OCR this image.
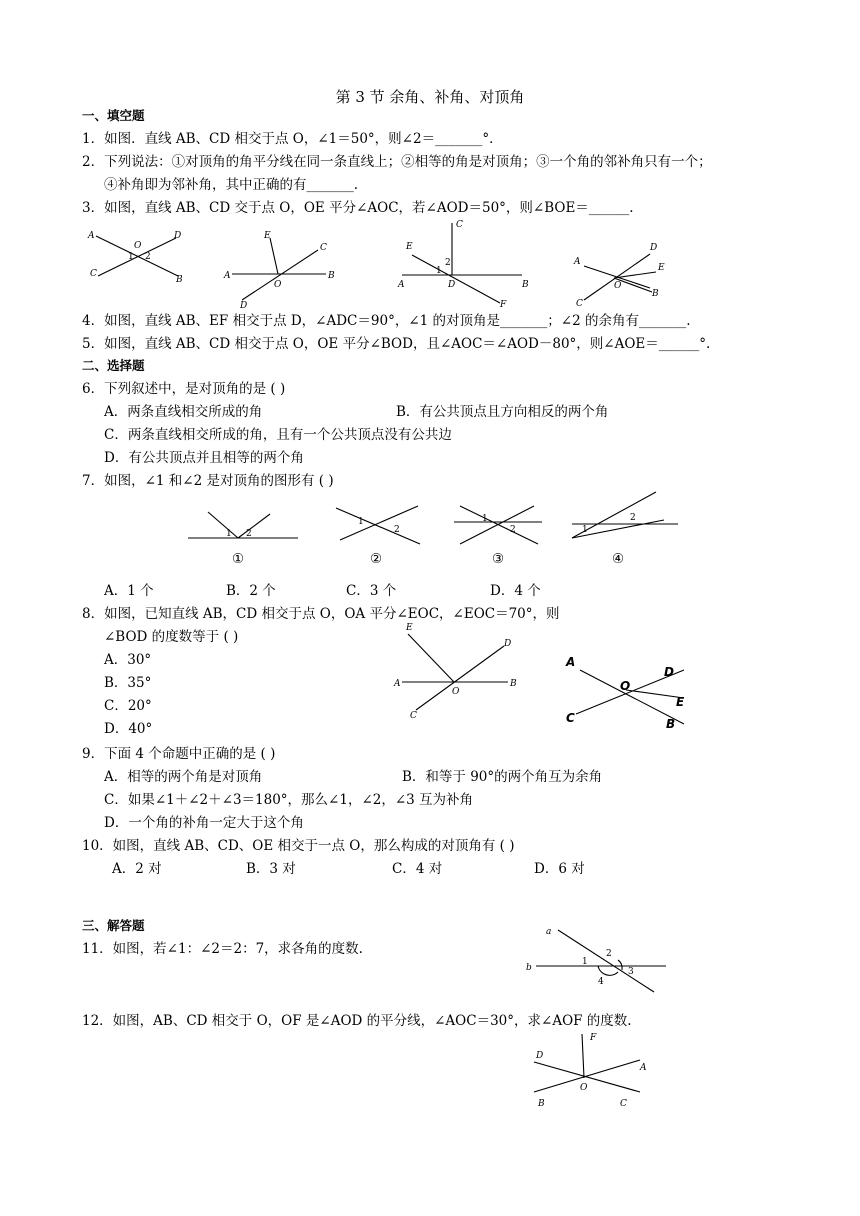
第 3 节 余角、补角、对顶角
一、填空题
1．如图．直线 AB、CD 相交于点 O，∠1＝50°，则∠2＝_______°．
2．下列说法：①对顶角的角平分线在同一条直线上；②相等的角是对顶角；③一个角的邻补角只有一个；
④补角即为邻补角，其中正确的有_______.
3．如图，直线 AB、CD 交于点 O，OE 平分∠AOC，若∠AOD＝50°，则∠BOE＝______.
A	D
C
B
O
1 2
A	B
C
D
E
O
C
E
A	B
D
F
1
2	A
D
E
B
C
O
4．如图，直线 AB、EF 相交于点 D，∠ADC＝90°，∠1 的对顶角是_______；∠2 的余角有_______.
5．如图，直线 AB、CD 相交于点 O，OE 平分∠BOD，且∠AOC＝∠AOD－80°，则∠AOE＝______°.
二、选择题
6．下列叙述中，是对顶角的是 ( )
A．两条直线相交所成的角	B．有公共顶点且方向相反的两个角
C．两条直线相交所成的角，且有一个公共顶点没有公共边
D．有公共顶点并且相等的两个角
7．如图，∠1 和∠2 是对顶角的图形有 ( )
1 2
①
1
2
②
1
2
③
1
2
④
A．1 个	B．2 个	C．3 个	D．4 个
8．如图，已知直线 AB，CD 相交于点 O，OA 平分∠EOC，∠EOC＝70°，则
∠BOD 的度数等于 ( )
A．30°
B．35°
C．20°
D．40°
E
D
A	B
C
O
A
D
E
B
C
O
9．下面 4 个命题中正确的是 ( )
A．相等的两个角是对顶角	B．和等于 90°的两个角互为余角
C．如果∠1＋∠2＋∠3＝180°，那么∠1，∠2，∠3 互为补角
D．一个角的补角一定大于这个角
10．如图，直线 AB、CD、OE 相交于一点 O，那么构成的对顶角有 ( )
A．2 对	B．3 对	C．4 对	D．6 对
三、解答题
11．如图，若∠1：∠2＝2：7，求各角的度数.
a
b
1
2
3
4
12．如图，AB、CD 相交于 O，OF 是∠AOD 的平分线，∠AOC＝30°，求∠AOF 的度数.
F
D
A
B	C
O
